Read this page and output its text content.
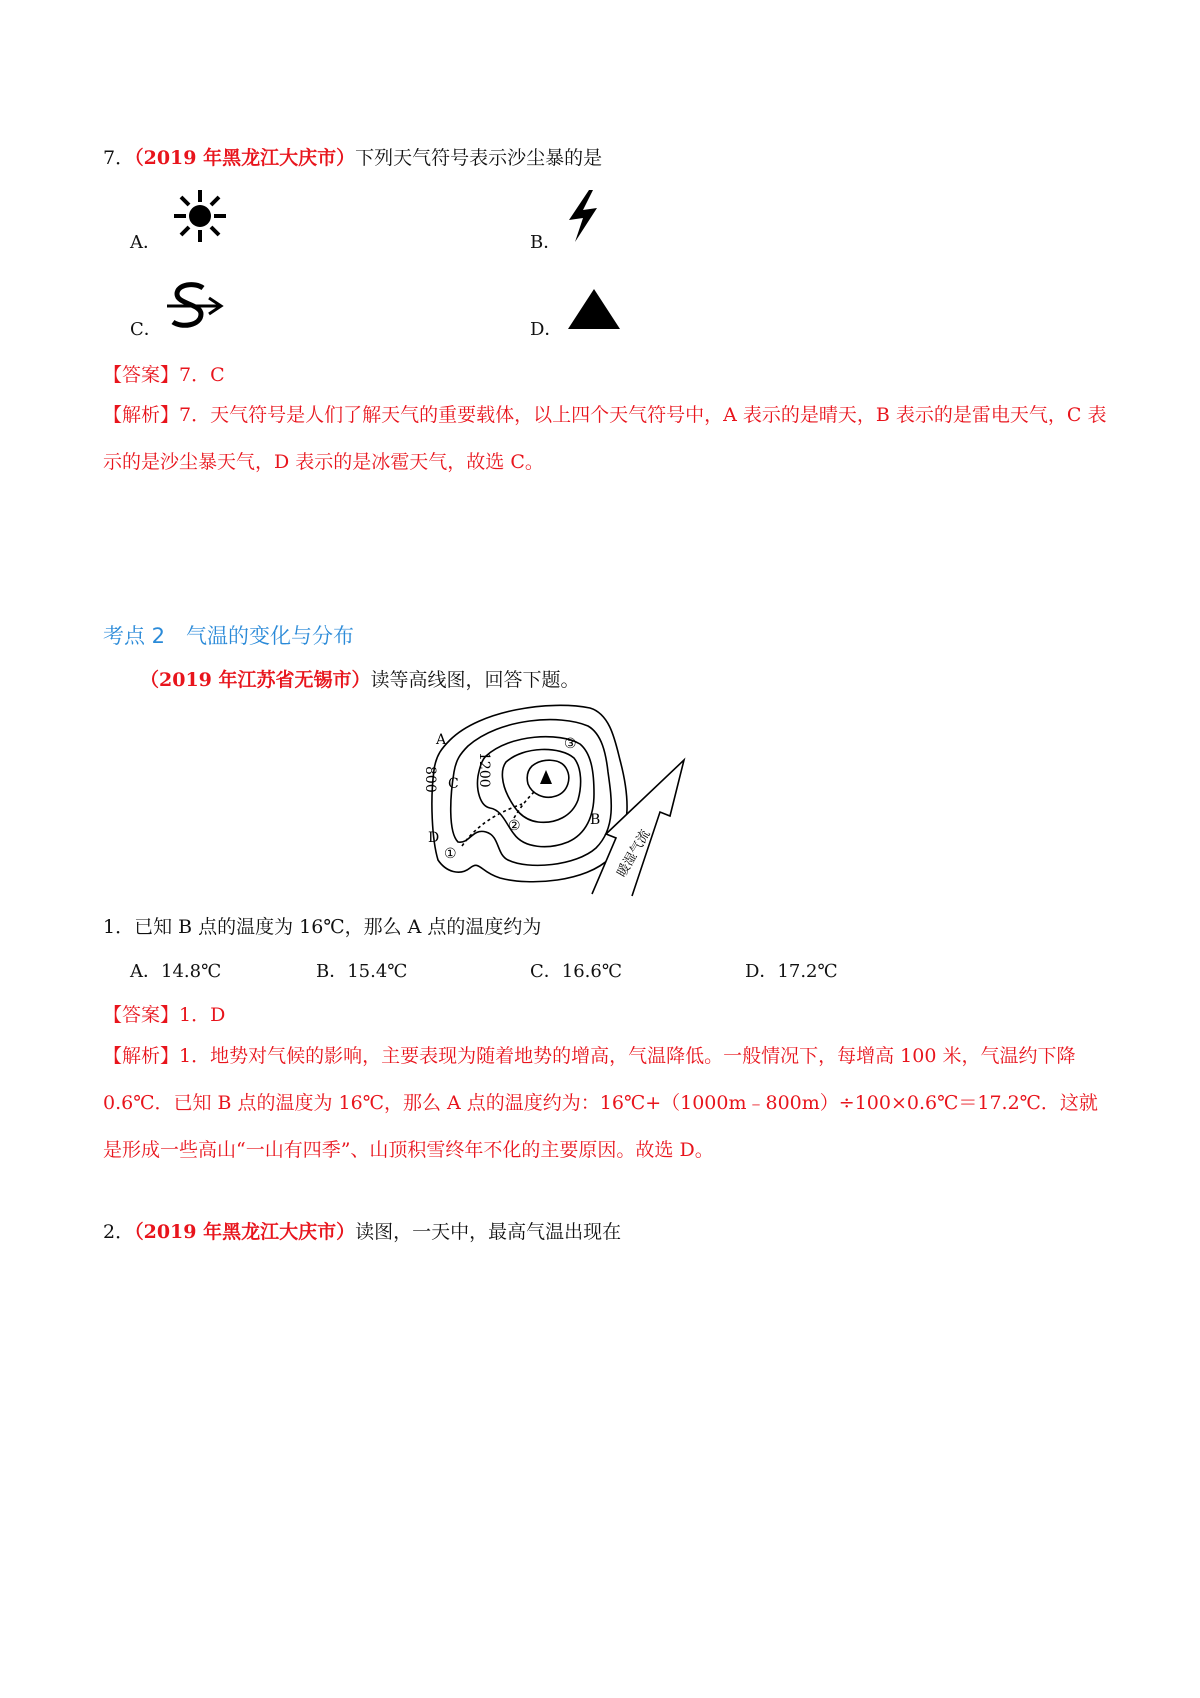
7．（2019 年黑龙江大庆市）下列天气符号表示沙尘暴的是
A．	B．
C．	D．
【答案】7．C
【解析】7．天气符号是人们了解天气的重要载体，以上四个天气符号中，A 表示的是晴天，B 表示的是雷电天气，C 表示的是沙尘暴天气，D 表示的是冰雹天气，故选 C。
考点 2　气温的变化与分布
（2019 年江苏省无锡市）读等高线图，回答下题。
A
B
C
D
800	1200
①
②
③
暖湿气流
1．已知 B 点的温度为 16℃，那么 A 点的温度约为
A．14.8℃	B．15.4℃	C．16.6℃	D．17.2℃
【答案】1．D
【解析】1．地势对气候的影响，主要表现为随着地势的增高，气温降低。一般情况下，每增高 100 米，气温约下降 0.6℃．已知 B 点的温度为 16℃，那么 A 点的温度约为：16℃+（1000m﹣800m）÷100×0.6℃＝17.2℃．这就是形成一些高山“一山有四季”、山顶积雪终年不化的主要原因。故选 D。
2．（2019 年黑龙江大庆市）读图，一天中，最高气温出现在
